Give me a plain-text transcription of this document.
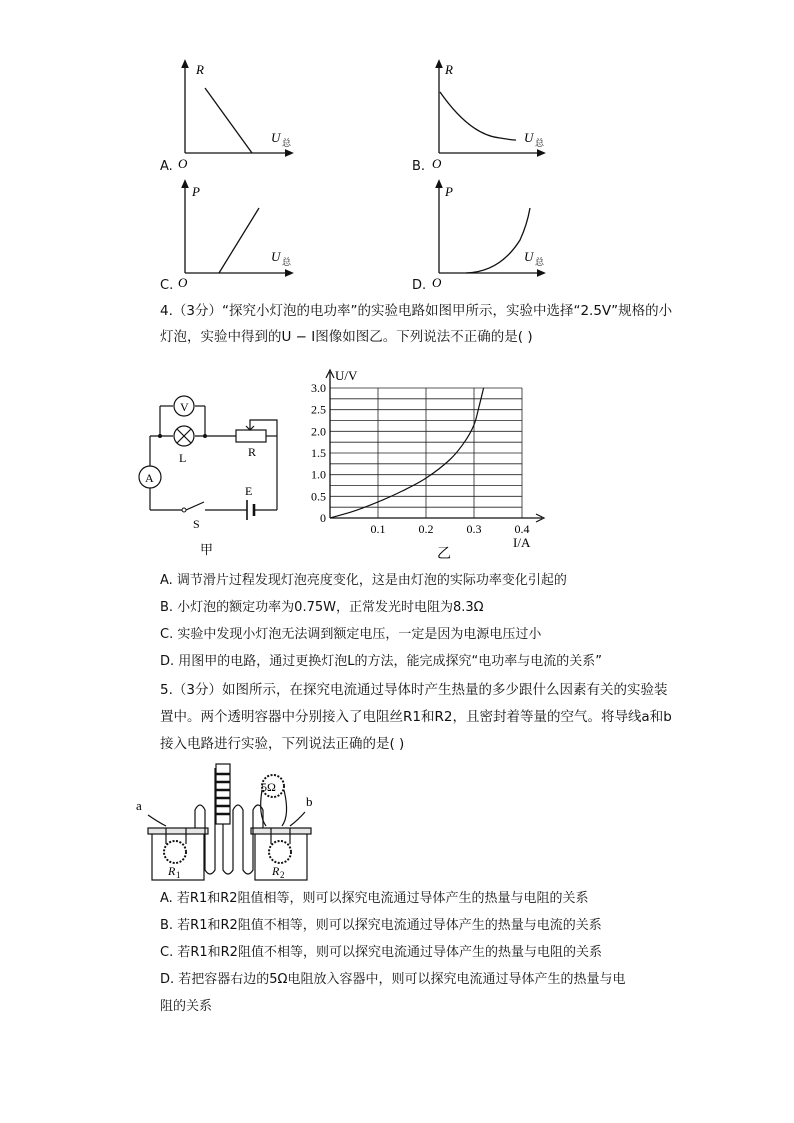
R
U 总
O
R
U 总
O
P
U 总
O
P
U 总
O
A.	B.
C.	D.
4.（3分）“探究小灯泡的电功率”的实验电路如图甲所示，实验中选择“2.5V”规格的小
灯泡，实验中得到的U − I图像如图乙。下列说法不正确的是( )
V
A
L	R
E
S
甲
0
0.5
1.0
1.5
2.0
2.5
3.0
0.1	0.2	0.3	0.4
U/V
I/A
乙
A. 调节滑片过程发现灯泡亮度变化，这是由灯泡的实际功率变化引起的
B. 小灯泡的额定功率为0.75W，正常发光时电阻为8.3Ω
C. 实验中发现小灯泡无法调到额定电压，一定是因为电源电压过小
D. 用图甲的电路，通过更换灯泡L的方法，能完成探究“电功率与电流的关系”
5.（3分）如图所示，在探究电流通过导体时产生热量的多少跟什么因素有关的实验装
置中。两个透明容器中分别接入了电阻丝R1和R2，且密封着等量的空气。将导线a和b
接入电路进行实验，下列说法正确的是( )
a	b
5Ω
R 1	R 2
A. 若R1和R2阻值相等，则可以探究电流通过导体产生的热量与电阻的关系
B. 若R1和R2阻值不相等，则可以探究电流通过导体产生的热量与电流的关系
C. 若R1和R2阻值不相等，则可以探究电流通过导体产生的热量与电阻的关系
D. 若把容器右边的5Ω电阻放入容器中，则可以探究电流通过导体产生的热量与电
阻的关系
